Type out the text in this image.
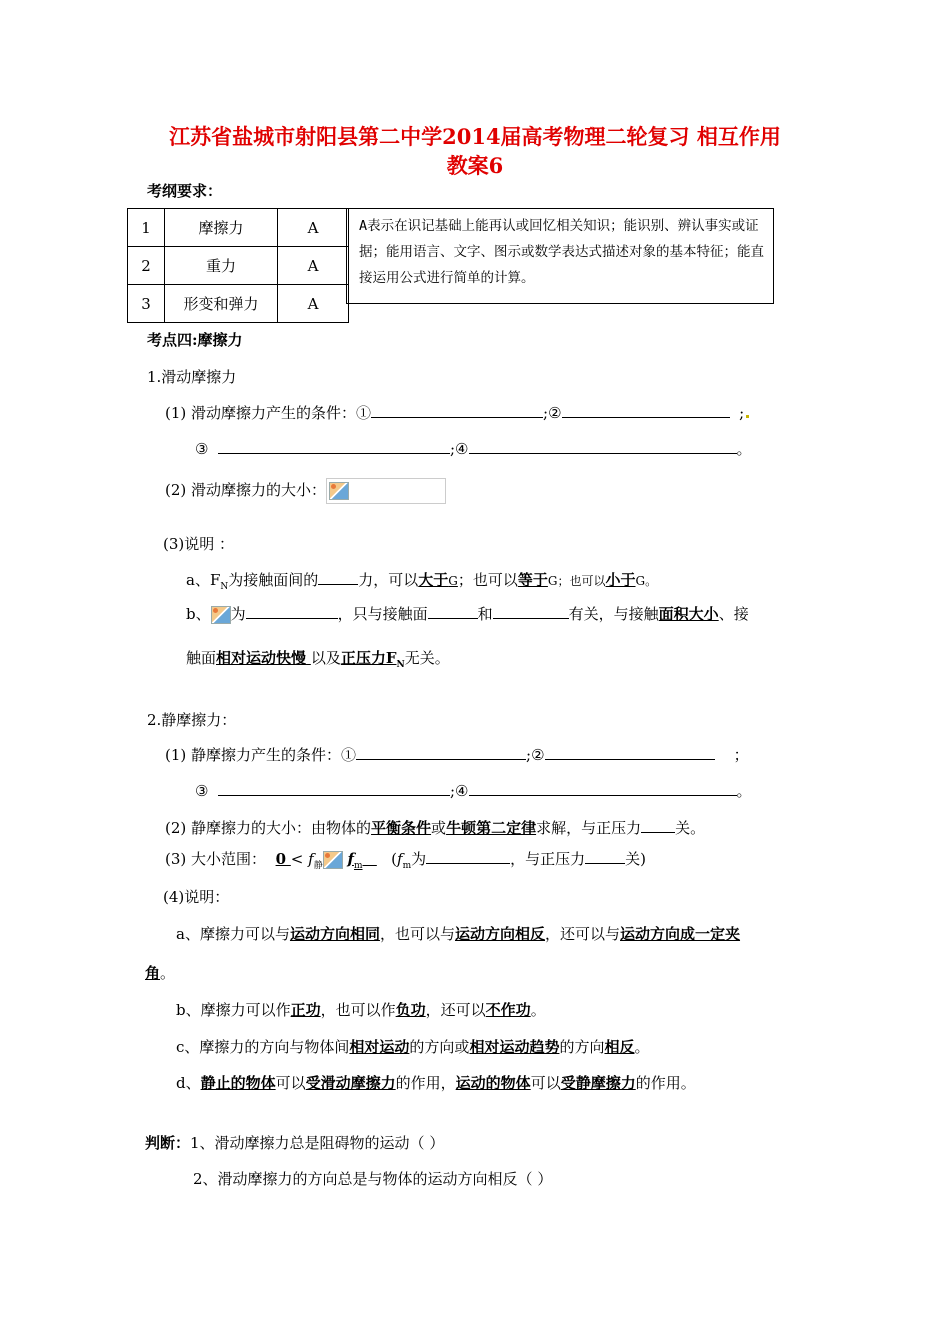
江苏省盐城市射阳县第二中学2014届高考物理二轮复习 相互作用
教案6
考纲要求：
1	摩擦力	A
2	重力	A
3	形变和弹力	A
A表示在识记基础上能再认或回忆相关知识；能识别、辨认事实或证据；能用语言、文字、图示或数学表达式描述对象的基本特征；能直接运用公式进行简单的计算。
考点四:摩擦力
1.滑动摩擦力
(1) 滑动摩擦力产生的条件：①	;②	;
③	;④	。
(2) 滑动摩擦力的大小：
(3)说明 ：
a、$F_N$为接触面间的	力，可以大于G；也可以等于G；也可以小于G。
b、 为	，只与接触面	和	有关，与接触面积大小、接
触面相对运动快慢 以及正压力$F_N$无关。
2.静摩擦力：
(1) 静摩擦力产生的条件：①	;②	；
③	;④	。
(2) 静摩擦力的大小：由物体的平衡条件或牛顿第二定律求解，与正压力 关。
(3) 大小范围： $0 < f_静$ $f_m$ ($f_m$为	，与正压力	关)
(4)说明：
a、摩擦力可以与运动方向相同，也可以与运动方向相反，还可以与运动方向成一定夹
角。
b、摩擦力可以作正功，也可以作负功，还可以不作功。
c、摩擦力的方向与物体间相对运动的方向或相对运动趋势的方向相反。
d、静止的物体可以受滑动摩擦力的作用，运动的物体可以受静摩擦力的作用。
判断：1、滑动摩擦力总是阻碍物的运动（ ）
2、滑动摩擦力的方向总是与物体的运动方向相反（ ）
